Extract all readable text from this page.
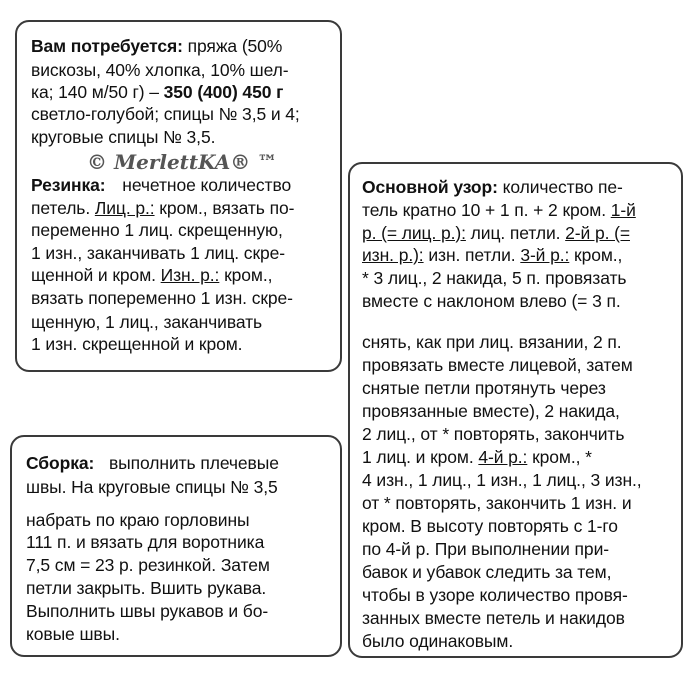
Вам потребуется: пряжа (50%
вискозы, 40% хлопка, 10% шел-
ка; 140 м/50 г) – 350 (400) 450 г
светло-голубой; спицы № 3,5 и 4;
круговые спицы № 3,5.
© MerlettKA® ™
Резинка: нечетное количество
петель. Лиц. р.: кром., вязать по-
переменно 1 лиц. скрещенную,
1 изн., заканчивать 1 лиц. скре-
щенной и кром. Изн. р.: кром.,
вязать попеременно 1 изн. скре-
щенную, 1 лиц., заканчивать
1 изн. скрещенной и кром.
Сборка: выполнить плечевые
швы. На круговые спицы № 3,5
набрать по краю горловины
111 п. и вязать для воротника
7,5 см = 23 р. резинкой. Затем
петли закрыть. Вшить рукава.
Выполнить швы рукавов и бо-
ковые швы.
Основной узор: количество пе-
тель кратно 10 + 1 п. + 2 кром. 1-й
р. (= лиц. р.): лиц. петли. 2-й р. (=
изн. р.): изн. петли. 3-й р.: кром.,
* 3 лиц., 2 накида, 5 п. провязать
вместе с наклоном влево (= 3 п.
снять, как при лиц. вязании, 2 п.
провязать вместе лицевой, затем
снятые петли протянуть через
провязанные вместе), 2 накида,
2 лиц., от * повторять, закончить
1 лиц. и кром. 4-й р.: кром., *
4 изн., 1 лиц., 1 изн., 1 лиц., 3 изн.,
от * повторять, закончить 1 изн. и
кром. В высоту повторять с 1-го
по 4-й р. При выполнении при-
бавок и убавок следить за тем,
чтобы в узоре количество провя-
занных вместе петель и накидов
было одинаковым.
